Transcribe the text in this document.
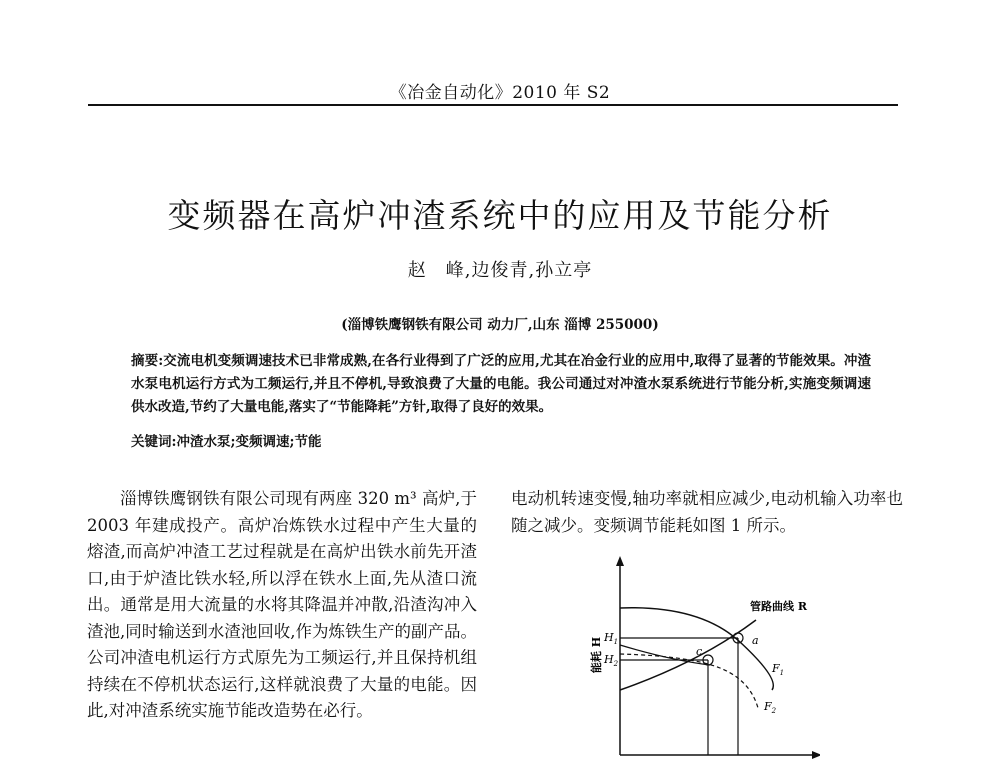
《冶金自动化》2010 年 S2
变频器在高炉冲渣系统中的应用及节能分析
赵　峰,边俊青,孙立亭
(淄博铁鹰钢铁有限公司 动力厂,山东 淄博 255000)
摘要:交流电机变频调速技术已非常成熟,在各行业得到了广泛的应用,尤其在冶金行业的应用中,取得了显著的节能效果。冲渣水泵电机运行方式为工频运行,并且不停机,导致浪费了大量的电能。我公司通过对冲渣水泵系统进行节能分析,实施变频调速供水改造,节约了大量电能,落实了“节能降耗”方针,取得了良好的效果。
关键词:冲渣水泵;变频调速;节能
淄博铁鹰钢铁有限公司现有两座 320 m³ 高炉,于 2003 年建成投产。高炉冶炼铁水过程中产生大量的熔渣,而高炉冲渣工艺过程就是在高炉出铁水前先开渣口,由于炉渣比铁水轻,所以浮在铁水上面,先从渣口流出。通常是用大流量的水将其降温并冲散,沿渣沟冲入渣池,同时输送到水渣池回收,作为炼铁生产的副产品。公司冲渣电机运行方式原先为工频运行,并且保持机组持续在不停机状态运行,这样就浪费了大量的电能。因此,对冲渣系统实施节能改造势在必行。
电动机转速变慢,轴功率就相应减少,电动机输入功率也随之减少。变频调节能耗如图 1 所示。
能耗 H
管路曲线 R
$H_1$
$H_2$
a
c
$F_1$
$F_2$
